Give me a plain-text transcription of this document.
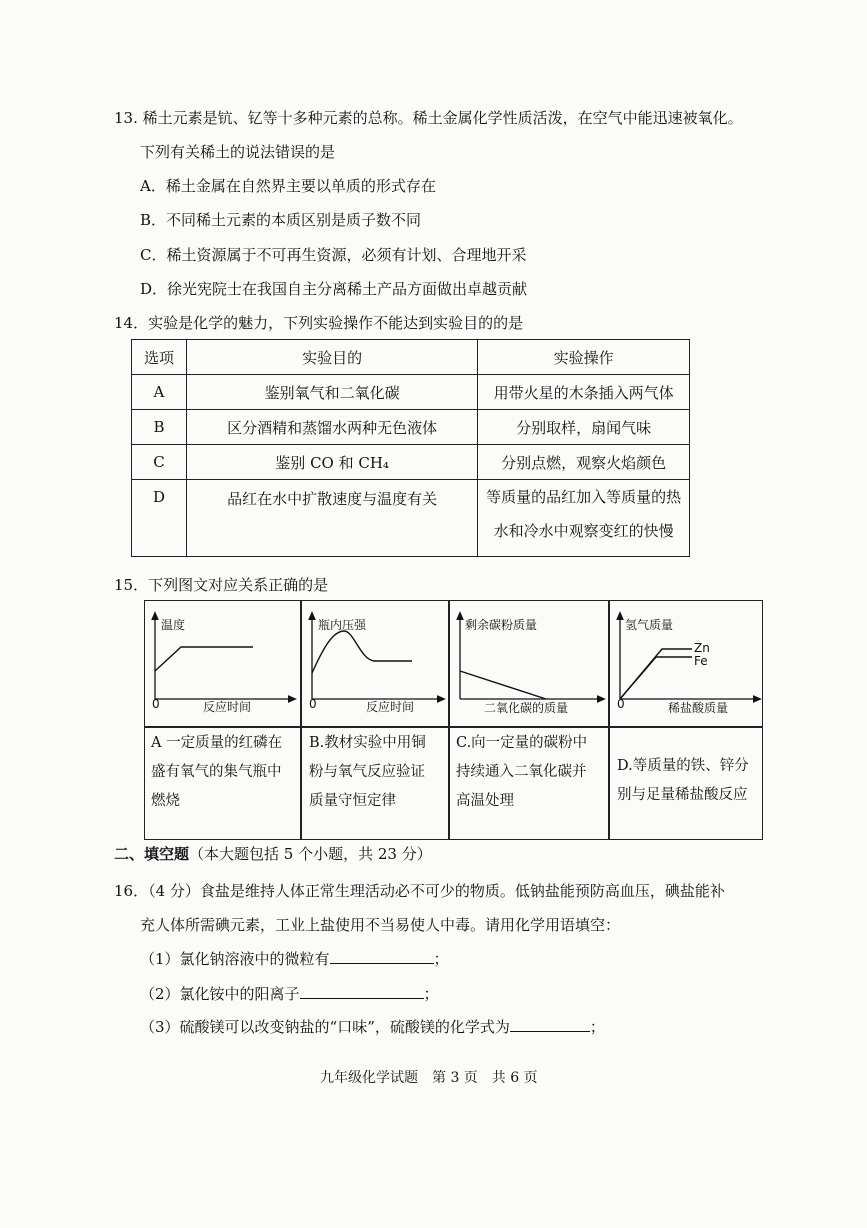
13. 稀土元素是钪、钇等十多种元素的总称。稀土金属化学性质活泼，在空气中能迅速被氧化。
下列有关稀土的说法错误的是
A．稀土金属在自然界主要以单质的形式存在
B．不同稀土元素的本质区别是质子数不同
C．稀土资源属于不可再生资源，必须有计划、合理地开采
D．徐光宪院士在我国自主分离稀土产品方面做出卓越贡献
14．实验是化学的魅力，下列实验操作不能达到实验目的的是
选项	实验目的	实验操作
A	鉴别氧气和二氧化碳	用带火星的木条插入两气体
B	区分酒精和蒸馏水两种无色液体	分别取样，扇闻气味
C	鉴别 CO 和 CH₄	分别点燃，观察火焰颜色
D	品红在水中扩散速度与温度有关	等质量的品红加入等质量的热
水和冷水中观察变红的快慢
15．下列图文对应关系正确的是
温度
0	反应时间
瓶内压强
0	反应时间
剩余碳粉质量
二氧化碳的质量
氢气质量
Zn
Fe
0	稀盐酸质量
A 一定质量的红磷在
盛有氧气的集气瓶中
燃烧
B.教材实验中用铜
粉与氧气反应验证
质量守恒定律
C.向一定量的碳粉中
持续通入二氧化碳并
高温处理
D.等质量的铁、锌分
别与足量稀盐酸反应
二、填空题（本大题包括 5 个小题，共 23 分）
16．（4 分）食盐是维持人体正常生理活动必不可少的物质。低钠盐能预防高血压，碘盐能补
充人体所需碘元素，工业上盐使用不当易使人中毒。请用化学用语填空：
（1）氯化钠溶液中的微粒有	；
（2）氯化铵中的阳离子	；
（3）硫酸镁可以改变钠盐的“口味”，硫酸镁的化学式为	；
九年级化学试题　第 3 页　共 6 页
